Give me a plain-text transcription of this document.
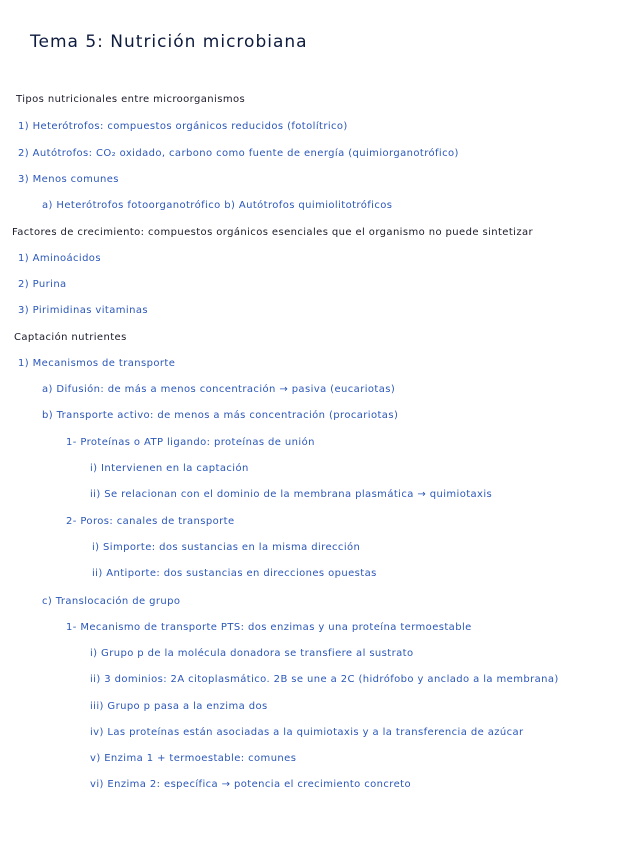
Tema 5: Nutrición microbiana
Tipos nutricionales entre microorganismos
1) Heterótrofos: compuestos orgánicos reducidos (fotolítrico)
2) Autótrofos: CO₂ oxidado, carbono como fuente de energía (quimiorganotrófico)
3) Menos comunes
a) Heterótrofos fotoorganotrófico b) Autótrofos quimiolitotróficos
Factores de crecimiento: compuestos orgánicos esenciales que el organismo no puede sintetizar
1) Aminoácidos
2) Purina
3) Pirimidinas vitaminas
Captación nutrientes
1) Mecanismos de transporte
a) Difusión: de más a menos concentración → pasiva (eucariotas)
b) Transporte activo: de menos a más concentración (procariotas)
1- Proteínas o ATP ligando: proteínas de unión
i) Intervienen en la captación
ii) Se relacionan con el dominio de la membrana plasmática → quimiotaxis
2- Poros: canales de transporte
i) Simporte: dos sustancias en la misma dirección
ii) Antiporte: dos sustancias en direcciones opuestas
c) Translocación de grupo
1- Mecanismo de transporte PTS: dos enzimas y una proteína termoestable
i) Grupo p de la molécula donadora se transfiere al sustrato
ii) 3 dominios: 2A citoplasmático. 2B se une a 2C (hidrófobo y anclado a la membrana)
iii) Grupo p pasa a la enzima dos
iv) Las proteínas están asociadas a la quimiotaxis y a la transferencia de azúcar
v) Enzima 1 + termoestable: comunes
vi) Enzima 2: específica → potencia el crecimiento concreto
